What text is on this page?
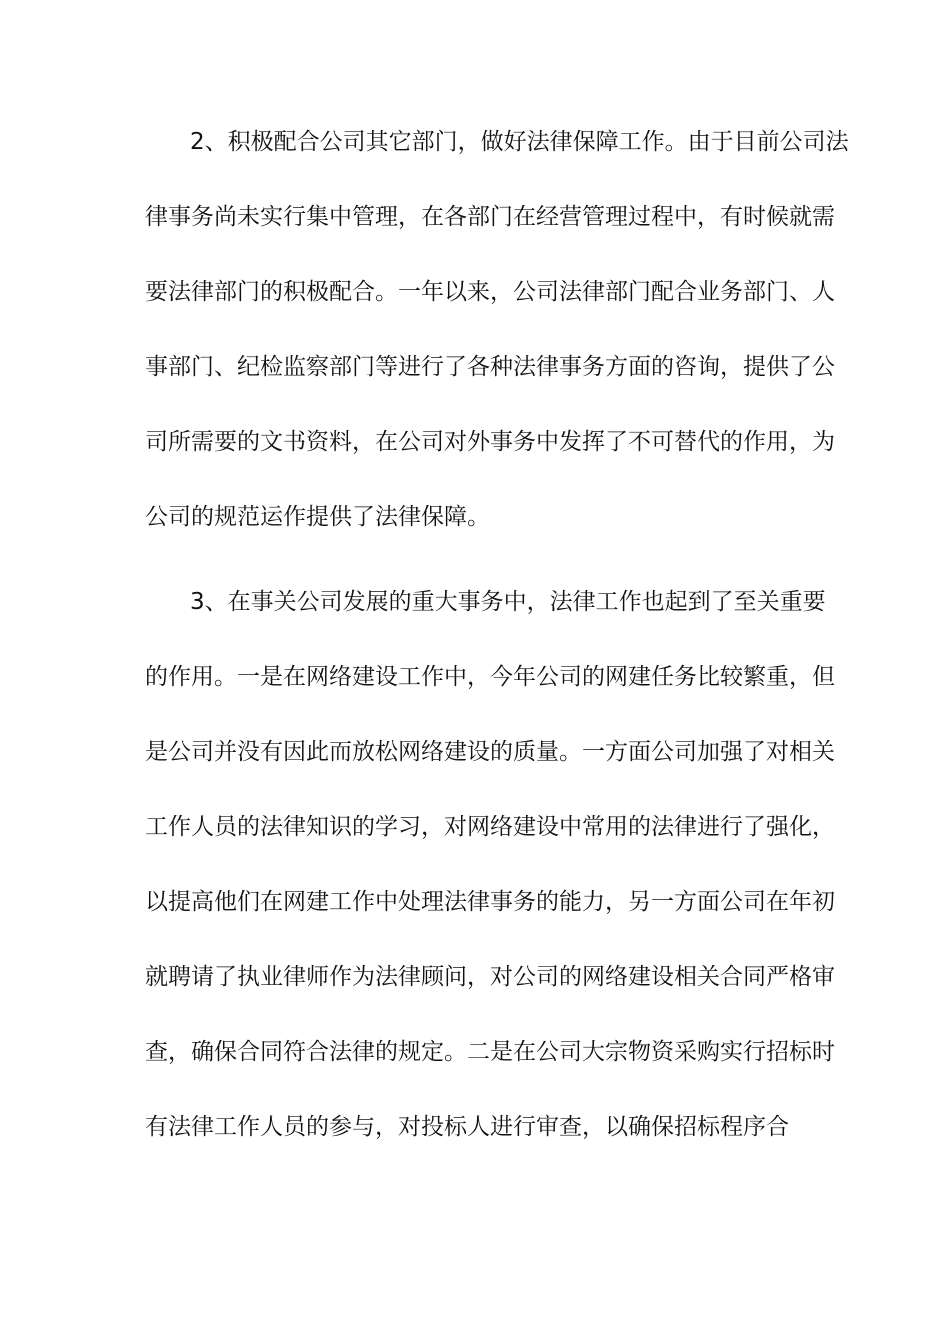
2、积极配合公司其它部门，做好法律保障工作。由于目前公司法
律事务尚未实行集中管理，在各部门在经营管理过程中，有时候就需
要法律部门的积极配合。一年以来，公司法律部门配合业务部门、人
事部门、纪检监察部门等进行了各种法律事务方面的咨询，提供了公
司所需要的文书资料，在公司对外事务中发挥了不可替代的作用，为
公司的规范运作提供了法律保障。
3、在事关公司发展的重大事务中，法律工作也起到了至关重要
的作用。一是在网络建设工作中，今年公司的网建任务比较繁重，但
是公司并没有因此而放松网络建设的质量。一方面公司加强了对相关
工作人员的法律知识的学习，对网络建设中常用的法律进行了强化，
以提高他们在网建工作中处理法律事务的能力，另一方面公司在年初
就聘请了执业律师作为法律顾问，对公司的网络建设相关合同严格审
查，确保合同符合法律的规定。二是在公司大宗物资采购实行招标时
有法律工作人员的参与，对投标人进行审查，以确保招标程序合
